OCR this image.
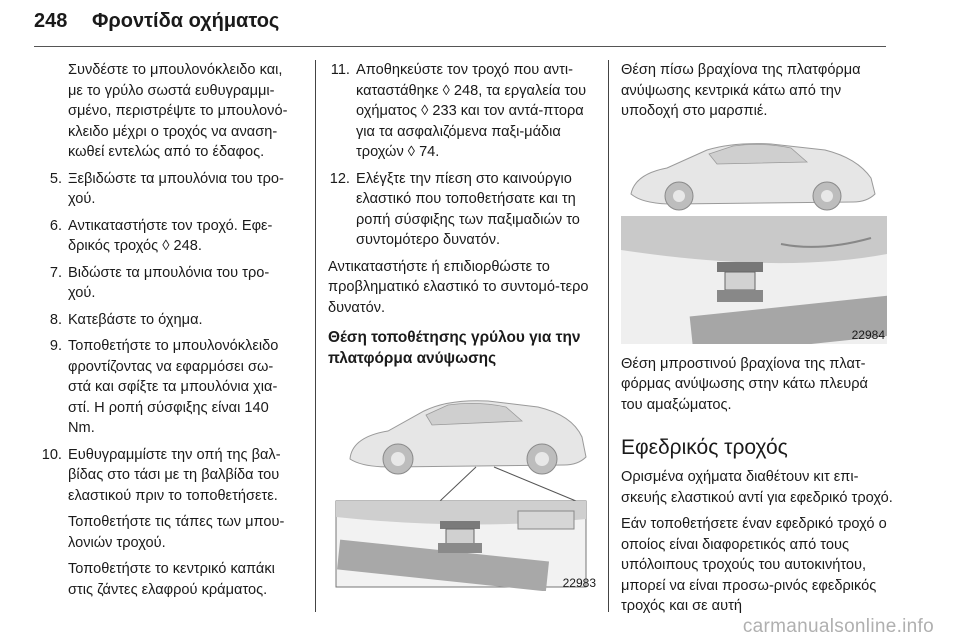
248 Φροντίδα οχήματος

Συνδέστε το μπουλονόκλειδο και, με το γρύλο σωστά ευθυγραμμι-σμένο, περιστρέψτε το μπουλονό-κλειδο μέχρι ο τροχός να αναση-κωθεί εντελώς από το έδαφος.

5. Ξεβιδώστε τα μπουλόνια του τρο-χού.
6. Αντικαταστήστε τον τροχό. Εφε-δρικός τροχός ◊ 248.
7. Βιδώστε τα μπουλόνια του τρο-χού.
8. Κατεβάστε το όχημα.
9. Τοποθετήστε το μπουλονόκλειδο φροντίζοντας να εφαρμόσει σω-στά και σφίξτε τα μπουλόνια χια-στί. Η ροπή σύσφιξης είναι 140 Nm.
10. Ευθυγραμμίστε την οπή της βαλ-βίδας στο τάσι με τη βαλβίδα του ελαστικού πριν το τοποθετήσετε.

Τοποθετήστε τις τάπες των μπου-λονιών τροχού.

Τοποθετήστε το κεντρικό καπάκι στις ζάντες ελαφρού κράματος.

11. Αποθηκεύστε τον τροχό που αντι-καταστάθηκε ◊ 248, τα εργαλεία του οχήματος ◊ 233 και τον αντά-πτορα για τα ασφαλιζόμενα παξι-μάδια τροχών ◊ 74.
12. Ελέγξτε την πίεση στο καινούργιο ελαστικό που τοποθετήσατε και τη ροπή σύσφιξης των παξιμαδιών το συντομότερο δυνατόν.

Αντικαταστήστε ή επιδιορθώστε το προβληματικό ελαστικό το συντομό-τερο δυνατόν.

Θέση τοποθέτησης γρύλου για την πλατφόρμα ανύψωσης
22983

Θέση πίσω βραχίονα της πλατφόρμα ανύψωσης κεντρικά κάτω από την υποδοχή στο μαρσπιέ.

22984

Θέση μπροστινού βραχίονα της πλατ-φόρμας ανύψωσης στην κάτω πλευρά του αμαξώματος.

Εφεδρικός τροχός

Ορισμένα οχήματα διαθέτουν κιτ επι-σκευής ελαστικού αντί για εφεδρικό τροχό.

Εάν τοποθετήσετε έναν εφεδρικό τροχό ο οποίος είναι διαφορετικός από τους υπόλοιπους τροχούς του αυτοκινήτου, μπορεί να είναι προσω-ρινός εφεδρικός τροχός και σε αυτή

carmanualsonline.info
